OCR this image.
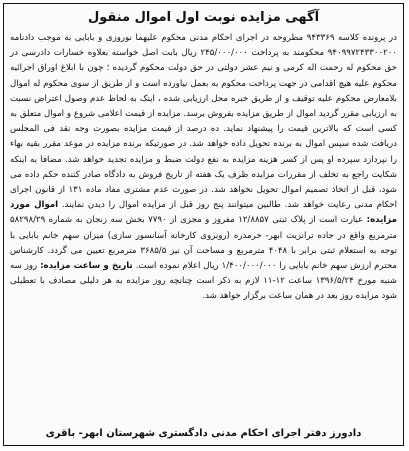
آگهی مزایده نوبت اول اموال منقول

در پرونده کلاسه ۹۴۳۳۶۹ مطروحه در اجرای احکام مدنی محکوم علیهما نوروزی و بابایی به موجب دادنامه ۹۴۰۹۹۷۲۴۳۳۰۰۲۰۰ محکومند به پرداخت ۲۴۵/۰۰۰/۰۰۰ ریال بابت اصل خواسته بعلاوه خسارات دادرسی در حق محکوم له رحمت اله کرمی و نیم عشر دولتی در حق دولت محکوم گردیده ؛ چون با ابلاغ اوراق اجرائیه محکوم علیه هیچ اقدامی در جهت پرداخت محکوم به بعمل نیاورده است و از طریق از سوی محکوم له اموال بلامعارض محکوم علیه توقیف و از طریق خبره محل ارزیابی شده ، اینک به لحاظ عدم وصول اعتراض نسبت به ارزیابی مقرر گردید اموال از طریق مزایده بفروش برسد. مزایده از قیمت اعلامی شروع و اموال متعلق به کسی است که بالاترین قیمت را پیشنهاد نماید. ده درصد از قیمت مزایده بصورت وجه نقد فی المجلس دریافت شده سپس اموال به برنده تحویل داده خواهد شد. در صورتیکه برنده مزایده در موعد مقرر بقیه بهاء را نپردازد سپرده او پس از کسر هزینه مزایده به نفع دولت ضبط و مزایده تجدید خواهد شد. مضافا به اینکه شکایت راجع به تخلف از مقررات مزایده ظرف یک هفته از تاریخ فروش به دادگاه صادر کننده حکم داده می شود، قبل از اتخاذ تصمیم اموال تحویل نخواهد شد. در صورت عدم مشتری مفاد ماده ۱۳۱ از قانون اجرای احکام مدنی رعایت خواهد شد. طالبین میتوانند پنج روز قبل از مزایده اموال را دیدن نمایند. اموال مورد مزایده: عبارت است از پلاک ثبتی ۱۲/۸۸۵۷ مفروز و مجزی از ۷۷۹۰ بخش سه زنجان به شماره ۵۸۲۹۸/۲۹ مترمربع واقع در جاده ترانزیت ابهر- خرمدره (روبروی کارخانه آسانسور سازی) میزان سهم خانم بابایی با توجه به استعلام ثبتی برابر با ۴۰۴۸ مترمربع و مساحت آن نیز ۳۶۸۵/۵ مترمربع تعیین می گردد. کارشناس محترم ارزش سهم خانم بابایی را ۱/۴۰۰/۰۰۰/۰۰۰ ریال اعلام نموده است. تاریخ و ساعت مزایده: روز سه شنبه مورخ ۱۳۹۶/۵/۲۴ ساعت ۱۲-۱۱ لازم به ذکر است چنانچه روز مزایده به هر دلیلی مصادف با تعطیلی شود مزایده روز بعد در همان ساعت برگزار خواهد شد.

دادورز دفتر اجرای احکام مدنی دادگستری شهرستان ابهر- باقری
